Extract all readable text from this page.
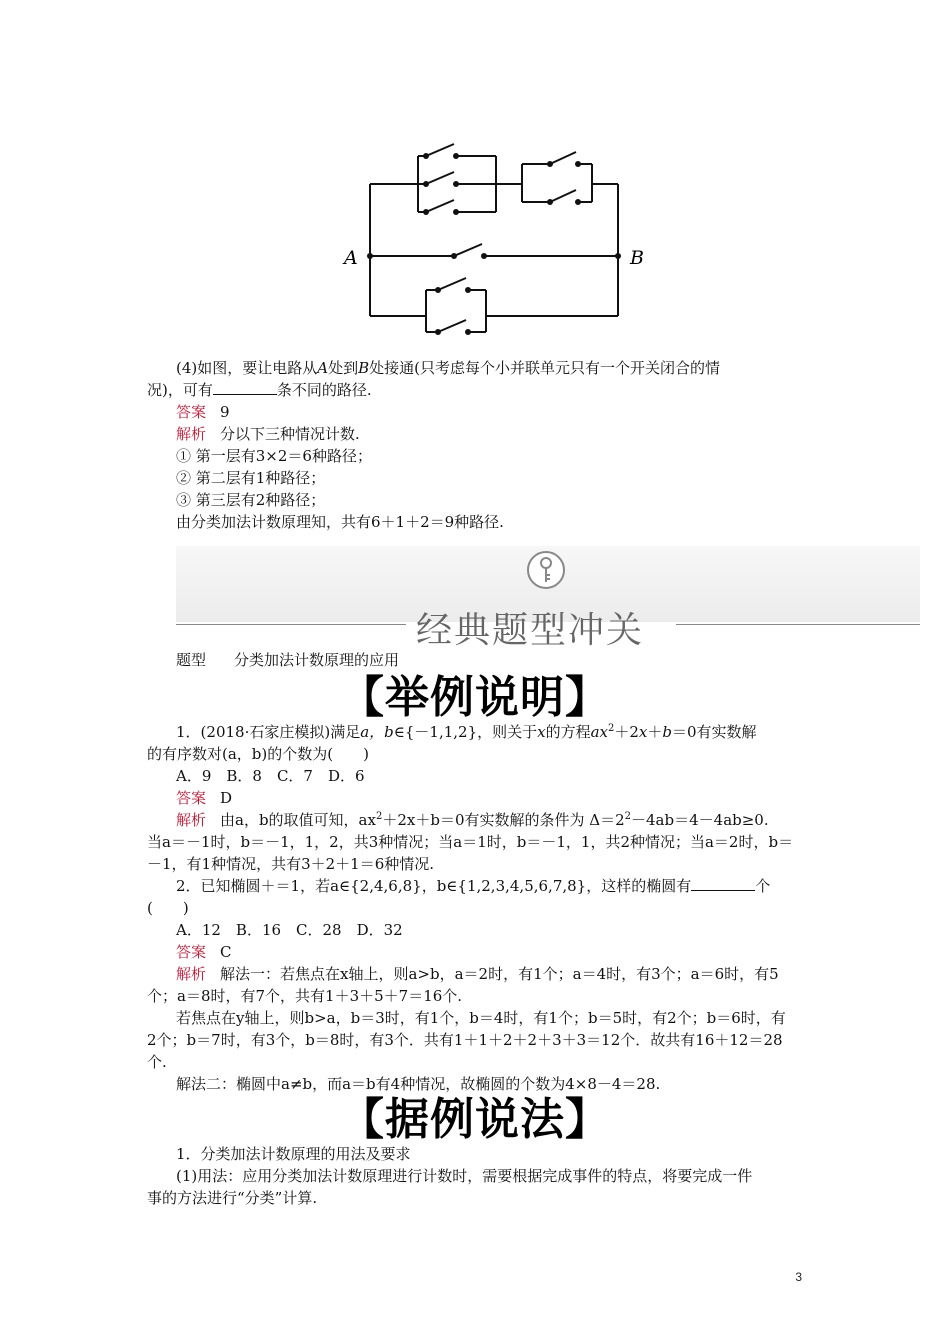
A	B
(4)如图，要让电路从A处到B处接通(只考虑每个小并联单元只有一个开关闭合的情
况)，可有	条不同的路径.
答案 9
解析 分以下三种情况计数.
① 第一层有3×2＝6种路径；
② 第二层有1种路径；
③ 第三层有2种路径；
由分类加法计数原理知，共有6＋1＋2＝9种路径.
经典题型冲关
题型 分类加法计数原理的应用
【举例说明】
1．(2018·石家庄模拟)满足a，b∈{－1,1,2}，则关于x的方程$ax^2+2x+b=0$有实数解
的有序数对(a，b)的个数为(　　)
A．9　B．8　C．7　D．6
答案 D
解析 由a，b的取值可知，$ax^2+2x+b=0$有实数解的条件为 $\Delta=2^2-4ab=4-4ab\ge 0$.
当a＝－1时，b＝－1，1，2，共3种情况；当a＝1时，b＝－1，1，共2种情况；当a＝2时，b＝
－1，有1种情况，共有3＋2＋1＝6种情况.
2．已知椭圆＋＝1，若a∈{2,4,6,8}，b∈{1,2,3,4,5,6,7,8}，这样的椭圆有	个
(　　)
A．12　B．16　C．28　D．32
答案 C
解析 解法一：若焦点在x轴上，则a>b，a＝2时，有1个；a＝4时，有3个；a＝6时，有5
个；a＝8时，有7个，共有1＋3＋5＋7＝16个.
若焦点在y轴上，则b>a，b＝3时，有1个，b＝4时，有1个；b＝5时，有2个；b＝6时，有
2个；b＝7时，有3个，b＝8时，有3个．共有1＋1＋2＋2＋3＋3＝12个．故共有16＋12＝28
个.
解法二：椭圆中a≠b，而a＝b有4种情况，故椭圆的个数为4×8－4＝28.
【据例说法】
1．分类加法计数原理的用法及要求
(1)用法：应用分类加法计数原理进行计数时，需要根据完成事件的特点，将要完成一件
事的方法进行“分类”计算.
3
